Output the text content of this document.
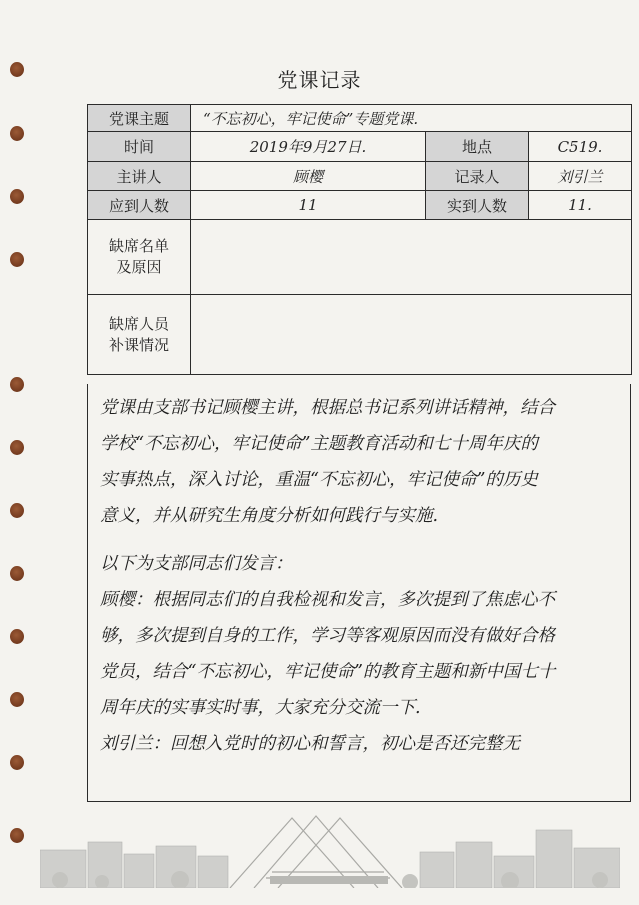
党课记录
党课主题	“不忘初心，牢记使命”专题党课.		
时间	2019年9月27日.	地点	C519.
主讲人	顾樱	记录人	刘引兰
应到人数	11	实到人数	11.

缺席名单
及原因			

缺席人员
补课情况			

党课由支部书记顾樱主讲，根据总书记系列讲话精神，结合
学校“不忘初心，牢记使命”主题教育活动和七十周年庆的
实事热点，深入讨论，重温“不忘初心，牢记使命”的历史
意义，并从研究生角度分析如何践行与实施.
以下为支部同志们发言：
顾樱：根据同志们的自我检视和发言，多次提到了焦虑心不
够，多次提到自身的工作，学习等客观原因而没有做好合格
党员，结合“不忘初心，牢记使命”的教育主题和新中国七十
周年庆的实事实时事，大家充分交流一下.
刘引兰：回想入党时的初心和誓言，初心是否还完整无
